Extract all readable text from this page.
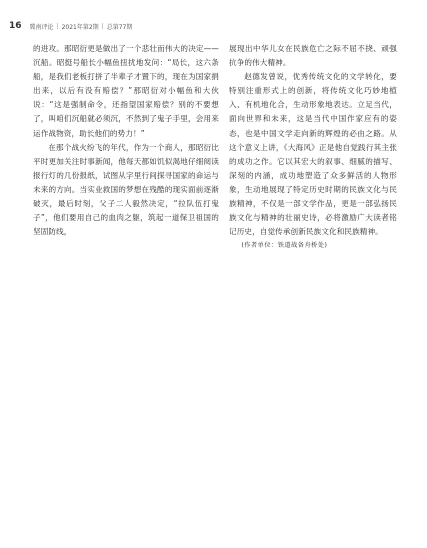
16 冀南评论 | 2021年第2期 | 总第77期

的进攻。那昭衍更是做出了一个悲壮而伟大的决定——沉船。昭挺号船长小幅鱼扭扰地发问：“局长，这六条船，是我们老板打拼了半辈子才置下的，现在为国家捐出来，以后有没有赔偿？”那昭衍对小幅鱼和大伙说：“这是强制命令，还指望国家赔偿？别的不要想了，叫咱们沉船就必须沉，不然到了鬼子手里，会用来运作战物资，助长他们的势力！”

在那个战火纷飞的年代，作为一个商人，那昭衍比平时更加关注时事新闻，他每天都如饥似渴地仔细阅读报行灯的几份报纸，试图从字里行间探寻国家的命运与未来的方向。当实业救国的梦想在残酷的现实面前逐渐破灭，最后时刻，父子二人毅然决定，“拉队伍打鬼子”，他们要用自己的血肉之躯，筑起一道保卫祖国的坚固防线，

展现出中华儿女在民族危亡之际不屈不挠、顽强抗争的伟大精神。

赵德发曾说，优秀传统文化的文学转化，要特别注重形式上的创新，将传统文化巧妙地植入、有机地化合，生动形象地表达。立足当代，面向世界和未来，这是当代中国作家应有的姿态，也是中国文学走向新的辉煌的必由之路。从这个意义上讲，《大海风》正是他自觉践行其主张的成功之作。它以其宏大的叙事、细腻的描写、深刻的内涵，成功地塑造了众多鲜活的人物形象，生动地展现了特定历史时期的民族文化与民族精神，不仅是一部文学作品，更是一部弘扬民族文化与精神的壮丽史诗，必将激励广大读者铭记历史，自觉传承创新民族文化和民族精神。

(作者单位：铁道战备舟桥处)
